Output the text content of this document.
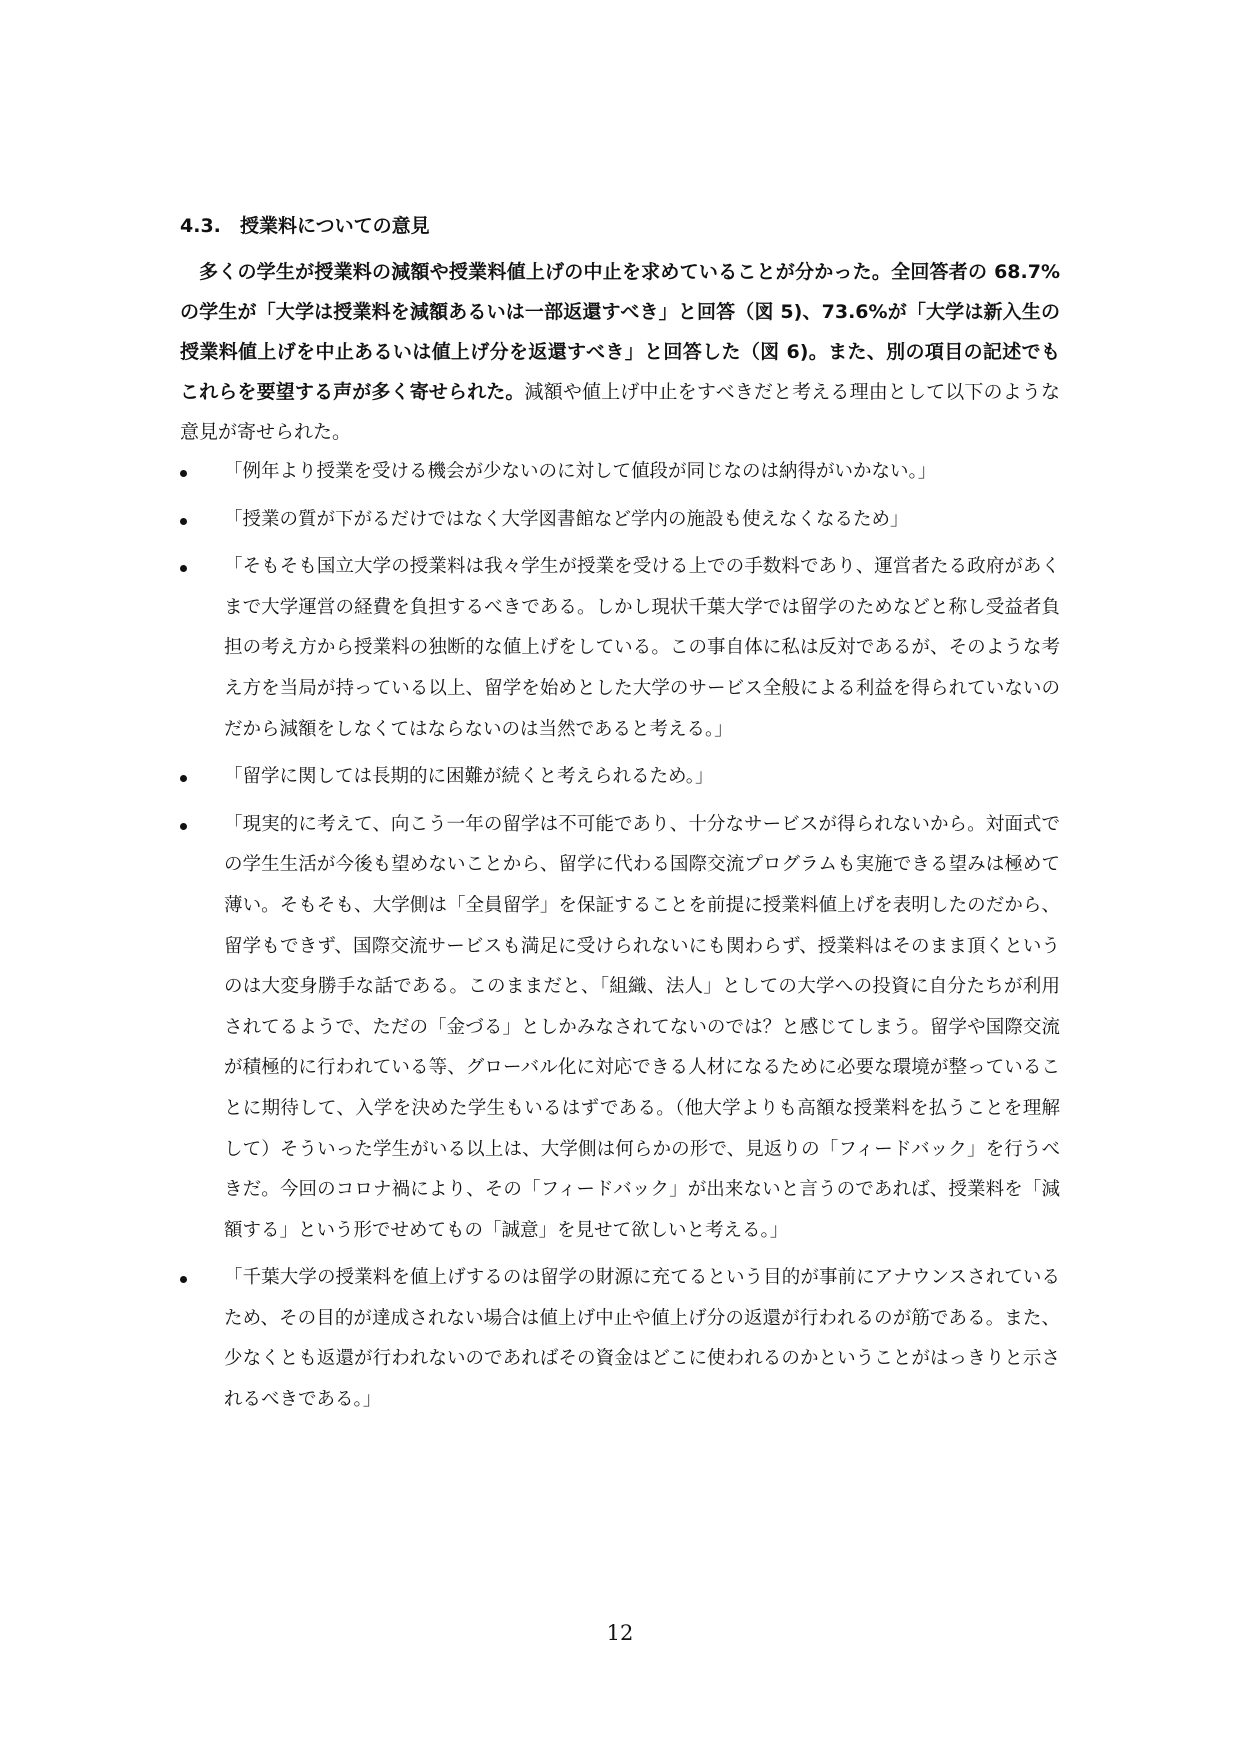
4.3. 授業料についての意見

多くの学生が授業料の減額や授業料値上げの中止を求めていることが分かった。全回答者の 68.7%の学生が「大学は授業料を減額あるいは一部返還すべき」と回答（図 5)、73.6%が「大学は新入生の授業料値上げを中止あるいは値上げ分を返還すべき」と回答した（図 6)。また、別の項目の記述でもこれらを要望する声が多く寄せられた。減額や値上げ中止をすべきだと考える理由として以下のような意見が寄せられた。

「例年より授業を受ける機会が少ないのに対して値段が同じなのは納得がいかない。」
「授業の質が下がるだけではなく大学図書館など学内の施設も使えなくなるため」
「そもそも国立大学の授業料は我々学生が授業を受ける上での手数料であり、運営者たる政府があくまで大学運営の経費を負担するべきである。しかし現状千葉大学では留学のためなどと称し受益者負担の考え方から授業料の独断的な値上げをしている。この事自体に私は反対であるが、そのような考え方を当局が持っている以上、留学を始めとした大学のサービス全般による利益を得られていないのだから減額をしなくてはならないのは当然であると考える。」
「留学に関しては長期的に困難が続くと考えられるため。」
「現実的に考えて、向こう一年の留学は不可能であり、十分なサービスが得られないから。対面式での学生生活が今後も望めないことから、留学に代わる国際交流プログラムも実施できる望みは極めて薄い。そもそも、大学側は「全員留学」を保証することを前提に授業料値上げを表明したのだから、留学もできず、国際交流サービスも満足に受けられないにも関わらず、授業料はそのまま頂くというのは大変身勝手な話である。このままだと、「組織、法人」としての大学への投資に自分たちが利用されてるようで、ただの「金づる」としかみなされてないのでは？と感じてしまう。留学や国際交流が積極的に行われている等、グローバル化に対応できる人材になるために必要な環境が整っていることに期待して、入学を決めた学生もいるはずである。（他大学よりも高額な授業料を払うことを理解して）そういった学生がいる以上は、大学側は何らかの形で、見返りの「フィードバック」を行うべきだ。今回のコロナ禍により、その「フィードバック」が出来ないと言うのであれば、授業料を「減額する」という形でせめてもの「誠意」を見せて欲しいと考える。」
「千葉大学の授業料を値上げするのは留学の財源に充てるという目的が事前にアナウンスされているため、その目的が達成されない場合は値上げ中止や値上げ分の返還が行われるのが筋である。また、少なくとも返還が行われないのであればその資金はどこに使われるのかということがはっきりと示されるべきである。」
12
